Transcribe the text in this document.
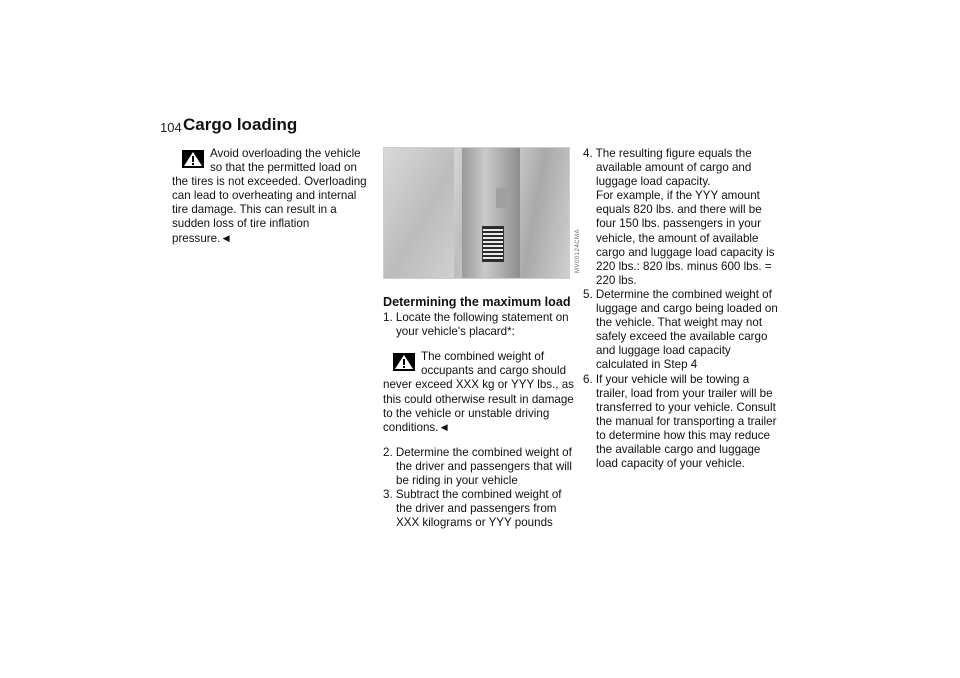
104 Cargo loading
Avoid overloading the vehicle so that the permitted load on the tires is not exceeded. Overloading can lead to overheating and internal tire damage. This can result in a sudden loss of tire inflation pressure.◄	MV00124CMA
Determining the maximum load

1. Locate the following statement on your vehicle's placard*:

The combined weight of occupants and cargo should never exceed XXX kg or YYY lbs., as this could otherwise result in damage to the vehicle or unstable driving conditions.◄

2. Determine the combined weight of the driver and passengers that will be riding in your vehicle

3. Subtract the combined weight of the driver and passengers from XXX kilograms or YYY pounds

4. The resulting figure equals the available amount of cargo and luggage load capacity.

For example, if the YYY amount equals 820 lbs. and there will be four 150 lbs. passengers in your vehicle, the amount of available cargo and luggage load capacity is 220 lbs.: 820 lbs. minus 600 lbs. = 220 lbs.

5. Determine the combined weight of luggage and cargo being loaded on the vehicle. That weight may not safely exceed the available cargo and luggage load capacity calculated in Step 4

6. If your vehicle will be towing a trailer, load from your trailer will be transferred to your vehicle. Consult the manual for transporting a trailer to determine how this may reduce the available cargo and luggage load capacity of your vehicle.
